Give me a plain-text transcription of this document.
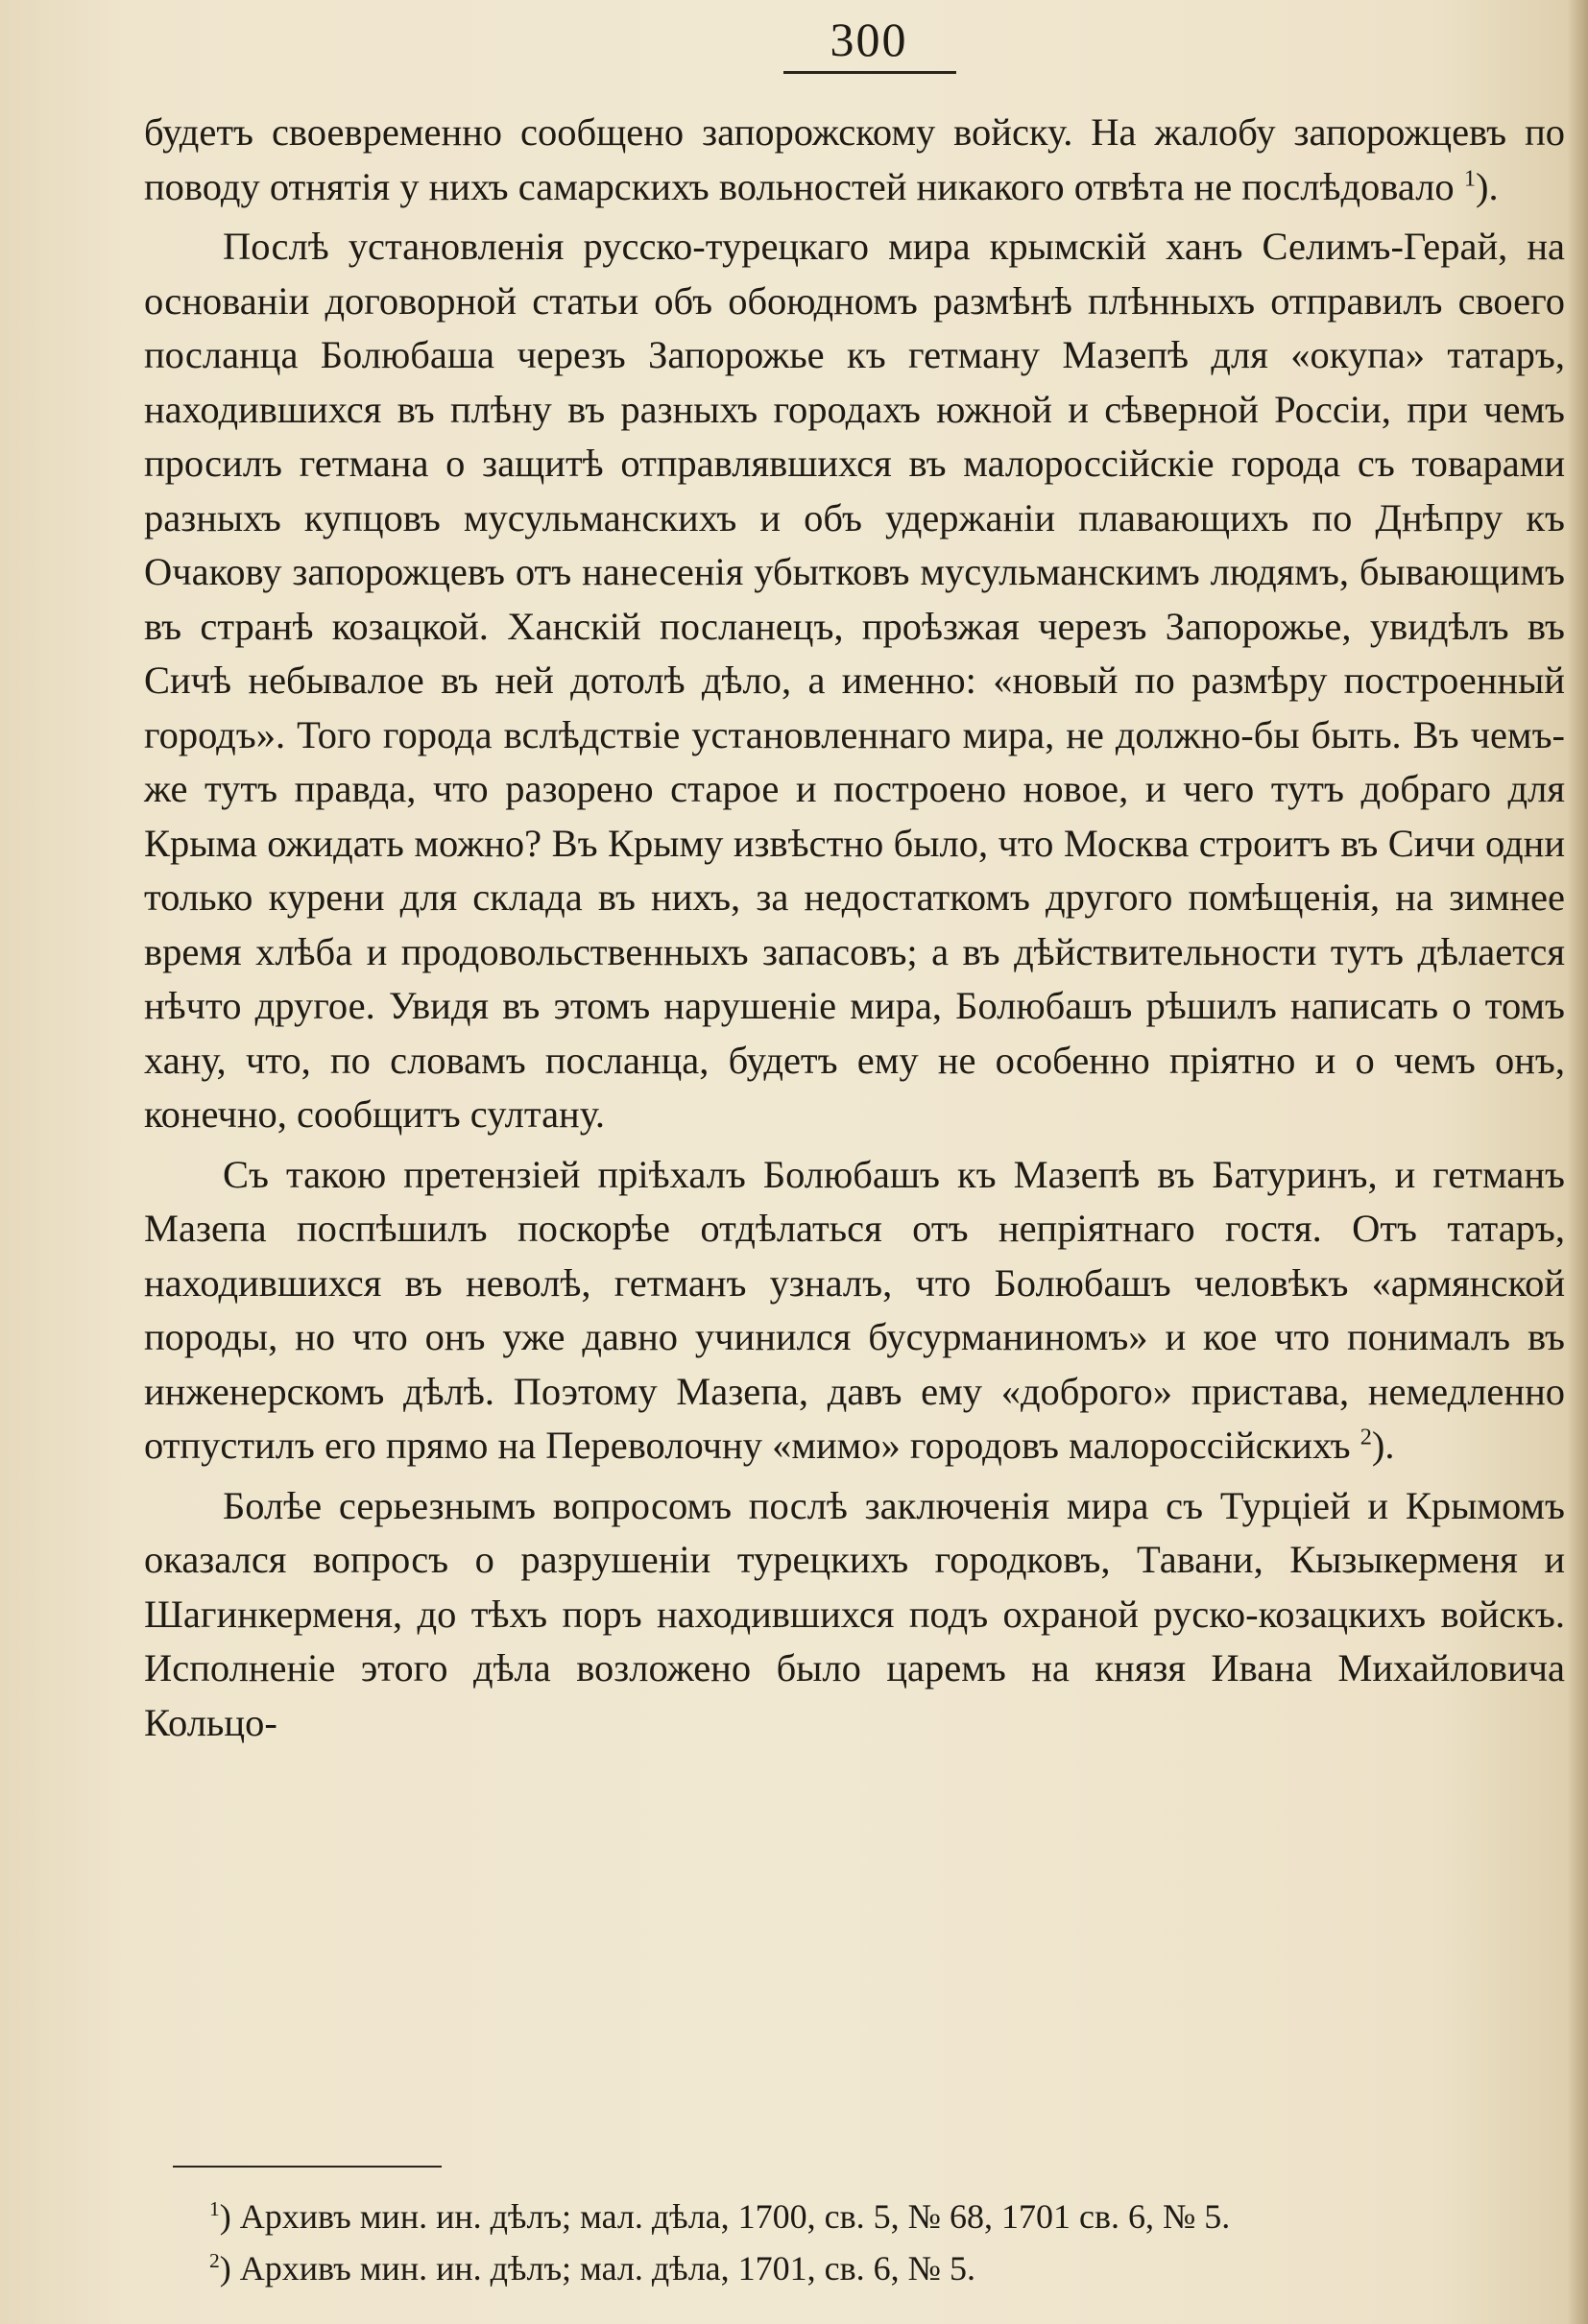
300

будетъ своевременно сообщено запорожскому войску. На жалобу запорожцевъ по поводу отнятія у нихъ самарскихъ вольностей никакого отвѣта не послѣдовало $^1$).

Послѣ установленія русско-турецкаго мира крымскій ханъ Селимъ-Герай, на основаніи договорной статьи объ обоюдномъ размѣнѣ плѣнныхъ отправилъ своего посланца Болюбаша черезъ Запорожье къ гетману Мазепѣ для «окупа» татаръ, находившихся въ плѣну въ разныхъ городахъ южной и сѣверной Россіи, при чемъ просилъ гетмана о защитѣ отправлявшихся въ малороссійскіе города съ товарами разныхъ купцовъ мусульманскихъ и объ удержаніи плавающихъ по Днѣпру къ Очакову запорожцевъ отъ нанесенія убытковъ мусульманскимъ людямъ, бывающимъ въ странѣ козацкой. Ханскій посланецъ, проѣзжая черезъ Запорожье, увидѣлъ въ Сичѣ небывалое въ ней дотолѣ дѣло, а именно: «новый по размѣру построенный городъ». Того города вслѣдствіе установленнаго мира, не должно-бы быть. Въ чемъ-же тутъ правда, что разорено старое и построено новое, и чего тутъ добраго для Крыма ожидать можно? Въ Крыму извѣстно было, что Москва строитъ въ Сичи одни только курени для склада въ нихъ, за недостаткомъ другого помѣщенія, на зимнее время хлѣба и продовольственныхъ запасовъ; а въ дѣйствительности тутъ дѣлается нѣчто другое. Увидя въ этомъ нарушеніе мира, Болюбашъ рѣшилъ написать о томъ хану, что, по словамъ посланца, будетъ ему не особенно пріятно и о чемъ онъ, конечно, сообщитъ султану.

Съ такою претензіей пріѣхалъ Болюбашъ къ Мазепѣ въ Батуринъ, и гетманъ Мазепа поспѣшилъ поскорѣе отдѣлаться отъ непріятнаго гостя. Отъ татаръ, находившихся въ неволѣ, гетманъ узналъ, что Болюбашъ человѣкъ «армянской породы, но что онъ уже давно учинился бусурманиномъ» и кое что понималъ въ инженерскомъ дѣлѣ. Поэтому Мазепа, давъ ему «доброго» пристава, немедленно отпустилъ его прямо на Переволочну «мимо» городовъ малороссійскихъ $^2$).

Болѣе серьезнымъ вопросомъ послѣ заключенія мира съ Турціей и Крымомъ оказался вопросъ о разрушеніи турецкихъ городковъ, Тавани, Кызыкерменя и Шагинкерменя, до тѣхъ поръ находившихся подъ охраной руско-козацкихъ войскъ. Исполненіе этого дѣла возложено было царемъ на князя Ивана Михайловича Кольцо-

$^1$) Архивъ мин. ин. дѣлъ; мал. дѣла, 1700, св. 5, № 68, 1701 св. 6, № 5.
$^2$) Архивъ мин. ин. дѣлъ; мал. дѣла, 1701, св. 6, № 5.
